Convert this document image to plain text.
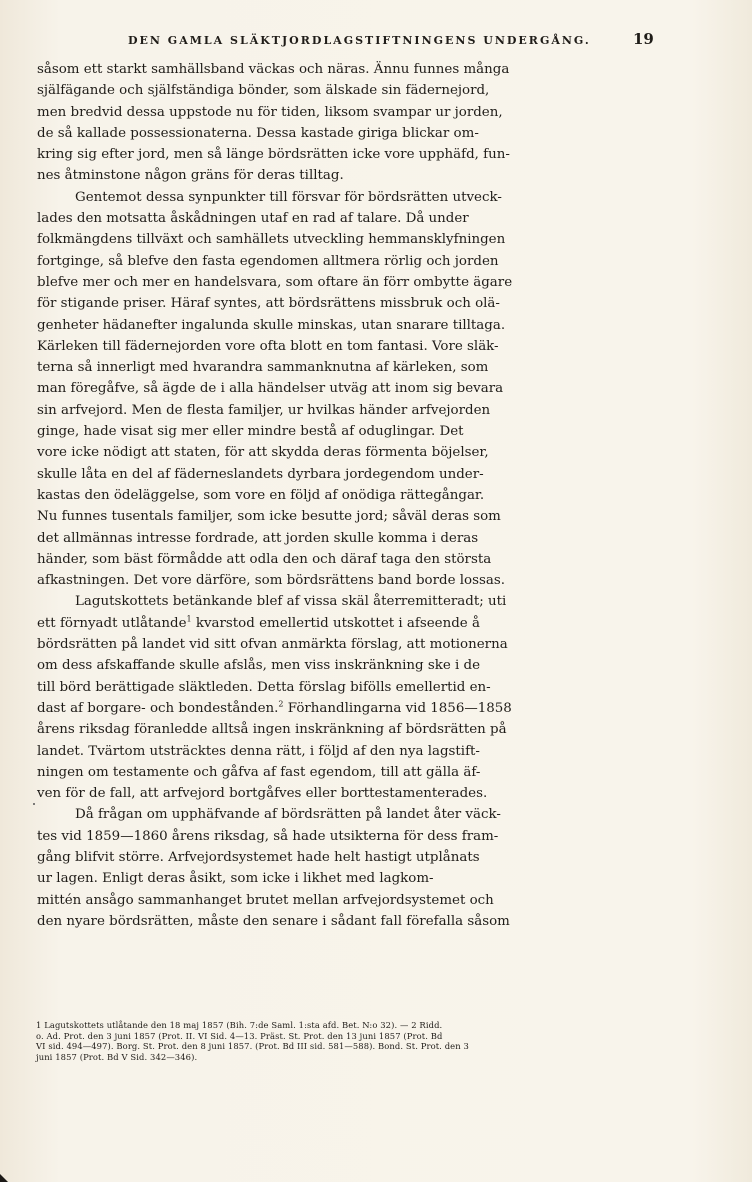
DEN GAMLA SLÄKTJORDLAGSTIFTNINGENS UNDERGÅNG.	19
såsom ett starkt samhällsband väckas och näras. Ännu funnes många
själfägande och själfständiga bönder, som älskade sin fädernejord,
men bredvid dessa uppstode nu för tiden, liksom svampar ur jorden,
de så kallade possessionaterna. Dessa kastade giriga blickar om-
kring sig efter jord, men så länge bördsrätten icke vore upphäfd, fun-
nes åtminstone någon gräns för deras tilltag.
Gentemot dessa synpunkter till försvar för bördsrätten utveck-
lades den motsatta åskådningen utaf en rad af talare. Då under
folkmängdens tillväxt och samhällets utveckling hemmansklyfningen
fortginge, så blefve den fasta egendomen alltmera rörlig och jorden
blefve mer och mer en handelsvara, som oftare än förr ombytte ägare
för stigande priser. Häraf syntes, att bördsrättens missbruk och olä-
genheter hädanefter ingalunda skulle minskas, utan snarare tilltaga.
Kärleken till fädernejorden vore ofta blott en tom fantasi. Vore släk-
terna så innerligt med hvarandra sammanknutna af kärleken, som
man föregåfve, så ägde de i alla händelser utväg att inom sig bevara
sin arfvejord. Men de flesta familjer, ur hvilkas händer arfvejorden
ginge, hade visat sig mer eller mindre bestå af oduglingar. Det
vore icke nödigt att staten, för att skydda deras förmenta böjelser,
skulle låta en del af fäderneslandets dyrbara jordegendom under-
kastas den ödeläggelse, som vore en följd af onödiga rättegångar.
Nu funnes tusentals familjer, som icke besutte jord; såväl deras som
det allmännas intresse fordrade, att jorden skulle komma i deras
händer, som bäst förmådde att odla den och däraf taga den största
afkastningen. Det vore därföre, som bördsrättens band borde lossas.
Lagutskottets betänkande blef af vissa skäl återremitteradt; uti
ett förnyadt utlåtande$^1$ kvarstod emellertid utskottet i afseende å
bördsrätten på landet vid sitt ofvan anmärkta förslag, att motionerna
om dess afskaffande skulle afslås, men viss inskränkning ske i de
till börd berättigade släktleden. Detta förslag bifölls emellertid en-
dast af borgare- och bondestånden.$^2$ Förhandlingarna vid 1856—1858
årens riksdag föranledde alltså ingen inskränkning af bördsrätten på
landet. Tvärtom utsträcktes denna rätt, i följd af den nya lagstift-
ningen om testamente och gåfva af fast egendom, till att gälla äf-
ven för de fall, att arfvejord bortgåfves eller borttestamenterades.
Då frågan om upphäfvande af bördsrätten på landet åter väck-
tes vid 1859—1860 årens riksdag, så hade utsikterna för dess fram-
gång blifvit större. Arfvejordsystemet hade helt hastigt utplånats
ur lagen. Enligt deras åsikt, som icke i likhet med lagkom-
mittén ansågo sammanhanget brutet mellan arfvejordsystemet och
den nyare bördsrätten, måste den senare i sådant fall förefalla såsom
1 Lagutskottets utlåtande den 18 maj 1857 (Bih. 7:de Saml. 1:sta afd. Bet. N:o 32). — 2 Ridd.
o. Ad. Prot. den 3 juni 1857 (Prot. II. VI Sid. 4—13. Präst. St. Prot. den 13 juni 1857 (Prot. Bd
VI sid. 494—497). Borg. St. Prot. den 8 juni 1857. (Prot. Bd III sid. 581—588). Bond. St. Prot. den 3
juni 1857 (Prot. Bd V Sid. 342—346).
